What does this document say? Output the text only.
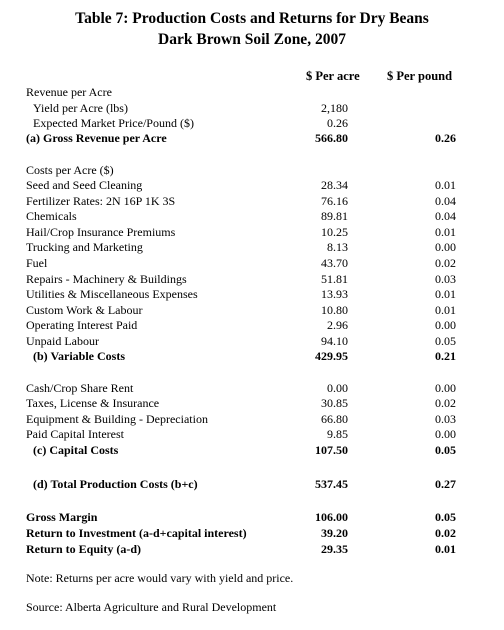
Table 7: Production Costs and Returns for Dry Beans
Dark Brown Soil Zone, 2007
$ Per acre $ Per pound
Revenue per Acre
Yield per Acre (lbs)	2,180
Expected Market Price/Pound ($)	0.26
(a) Gross Revenue per Acre	566.80	0.26
Costs per Acre ($)
Seed and Seed Cleaning	28.34	0.01
Fertilizer Rates: 2N 16P 1K 3S	76.16	0.04
Chemicals	89.81	0.04
Hail/Crop Insurance Premiums	10.25	0.01
Trucking and Marketing	8.13	0.00
Fuel	43.70	0.02
Repairs - Machinery & Buildings	51.81	0.03
Utilities & Miscellaneous Expenses	13.93	0.01
Custom Work & Labour	10.80	0.01
Operating Interest Paid	2.96	0.00
Unpaid Labour	94.10	0.05
(b) Variable Costs	429.95	0.21
Cash/Crop Share Rent	0.00	0.00
Taxes, License & Insurance	30.85	0.02
Equipment & Building - Depreciation	66.80	0.03
Paid Capital Interest	9.85	0.00
(c) Capital Costs	107.50	0.05
(d) Total Production Costs (b+c)	537.45	0.27
Gross Margin	106.00	0.05
Return to Investment (a-d+capital interest)	39.20	0.02
Return to Equity (a-d)	29.35	0.01
Note: Returns per acre would vary with yield and price.
Source: Alberta Agriculture and Rural Development
